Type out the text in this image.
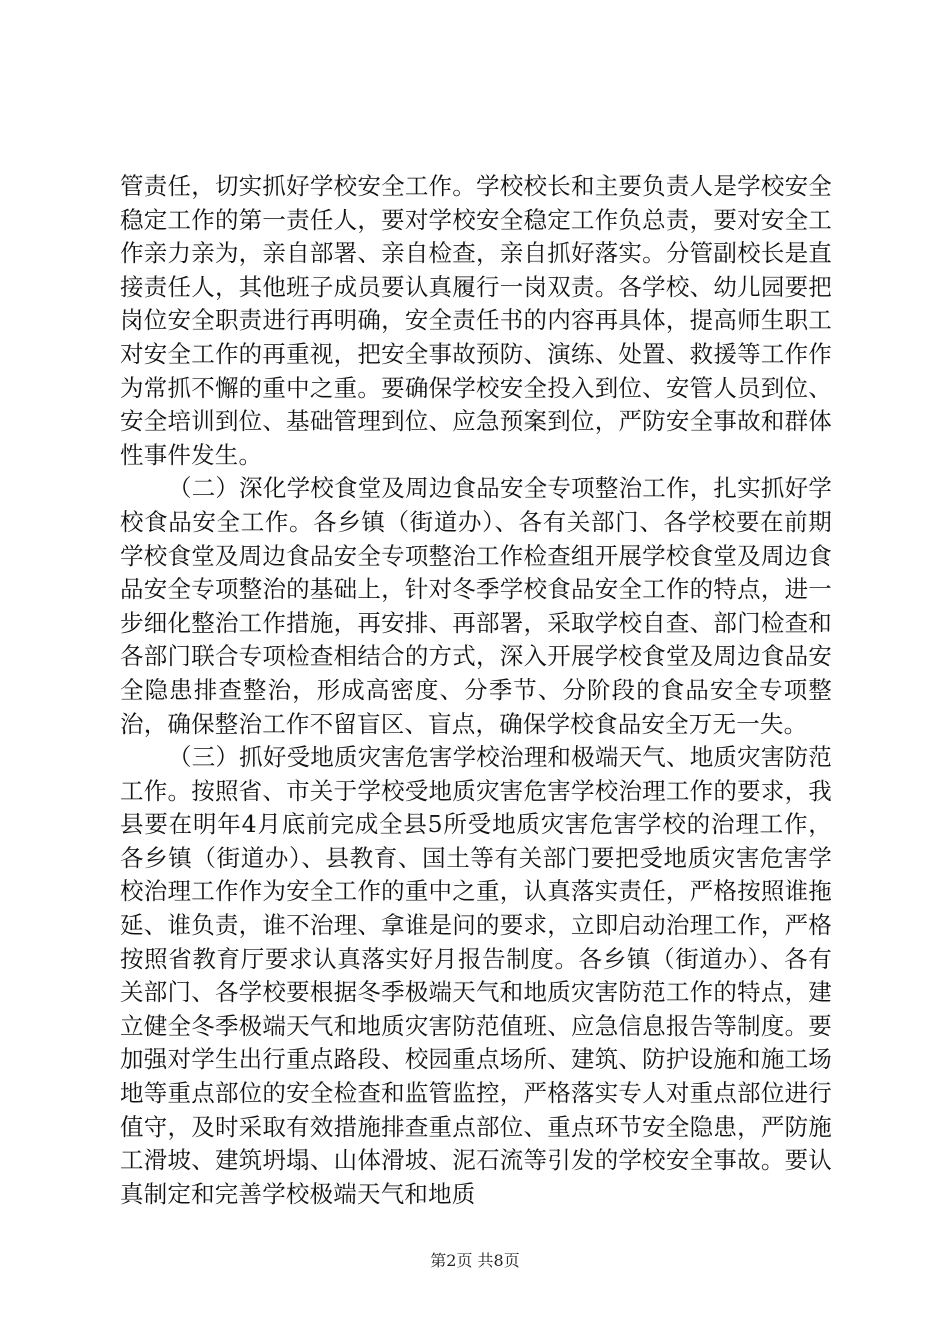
管责任，切实抓好学校安全工作。学校校长和主要负责人是学校安全稳定工作的第一责任人，要对学校安全稳定工作负总责，要对安全工作亲力亲为，亲自部署、亲自检查，亲自抓好落实。分管副校长是直接责任人，其他班子成员要认真履行一岗双责。各学校、幼儿园要把岗位安全职责进行再明确，安全责任书的内容再具体，提高师生职工对安全工作的再重视，把安全事故预防、演练、处置、救援等工作作为常抓不懈的重中之重。要确保学校安全投入到位、安管人员到位、安全培训到位、基础管理到位、应急预案到位，严防安全事故和群体性事件发生。

（二）深化学校食堂及周边食品安全专项整治工作，扎实抓好学校食品安全工作。各乡镇（街道办）、各有关部门、各学校要在前期学校食堂及周边食品安全专项整治工作检查组开展学校食堂及周边食品安全专项整治的基础上，针对冬季学校食品安全工作的特点，进一步细化整治工作措施，再安排、再部署，采取学校自查、部门检查和各部门联合专项检查相结合的方式，深入开展学校食堂及周边食品安全隐患排查整治，形成高密度、分季节、分阶段的食品安全专项整治，确保整治工作不留盲区、盲点，确保学校食品安全万无一失。

（三）抓好受地质灾害危害学校治理和极端天气、地质灾害防范工作。按照省、市关于学校受地质灾害危害学校治理工作的要求，我县要在明年4月底前完成全县5所受地质灾害危害学校的治理工作，各乡镇（街道办）、县教育、国土等有关部门要把受地质灾害危害学校治理工作作为安全工作的重中之重，认真落实责任，严格按照谁拖延、谁负责，谁不治理、拿谁是问的要求，立即启动治理工作，严格按照省教育厅要求认真落实好月报告制度。各乡镇（街道办）、各有关部门、各学校要根据冬季极端天气和地质灾害防范工作的特点，建立健全冬季极端天气和地质灾害防范值班、应急信息报告等制度。要加强对学生出行重点路段、校园重点场所、建筑、防护设施和施工场地等重点部位的安全检查和监管监控，严格落实专人对重点部位进行值守，及时采取有效措施排查重点部位、重点环节安全隐患，严防施工滑坡、建筑坍塌、山体滑坡、泥石流等引发的学校安全事故。要认真制定和完善学校极端天气和地质

第2页 共8页
